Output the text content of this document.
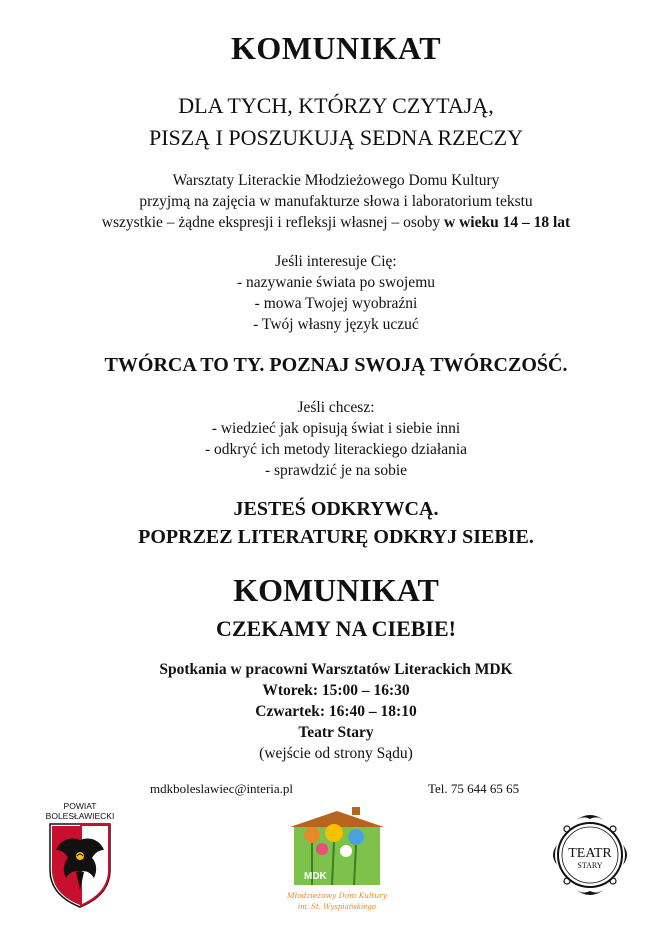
KOMUNIKAT
DLA TYCH, KTÓRZY CZYTAJĄ,
PISZĄ I POSZUKUJĄ SEDNA RZECZY
Warsztaty Literackie Młodzieżowego Domu Kultury
przyjmą na zajęcia w manufakturze słowa i laboratorium tekstu
wszystkie – żądne ekspresji i refleksji własnej – osoby w wieku 14 – 18 lat
Jeśli interesuje Cię:
- nazywanie świata po swojemu
- mowa Twojej wyobraźni
- Twój własny język uczuć
TWÓRCA TO TY. POZNAJ SWOJĄ TWÓRCZOŚĆ.
Jeśli chcesz:
- wiedzieć jak opisują świat i siebie inni
- odkryć ich metody literackiego działania
- sprawdzić je na sobie
JESTEŚ ODKRYWCĄ.
POPRZEZ LITERATURĘ ODKRYJ SIEBIE.
KOMUNIKAT
CZEKAMY NA CIEBIE!
Spotkania w pracowni Warsztatów Literackich MDK
Wtorek: 15:00 – 16:30
Czwartek: 16:40 – 18:10
Teatr Stary
(wejście od strony Sądu)
mdkboleslawiec@interia.pl	Tel. 75 644 65 65
POWIAT
BOLESŁAWIECKI
MDK
Młodzieżowy Dom Kultury
im. St. Wyspiańskiego
TEATR
STARY
